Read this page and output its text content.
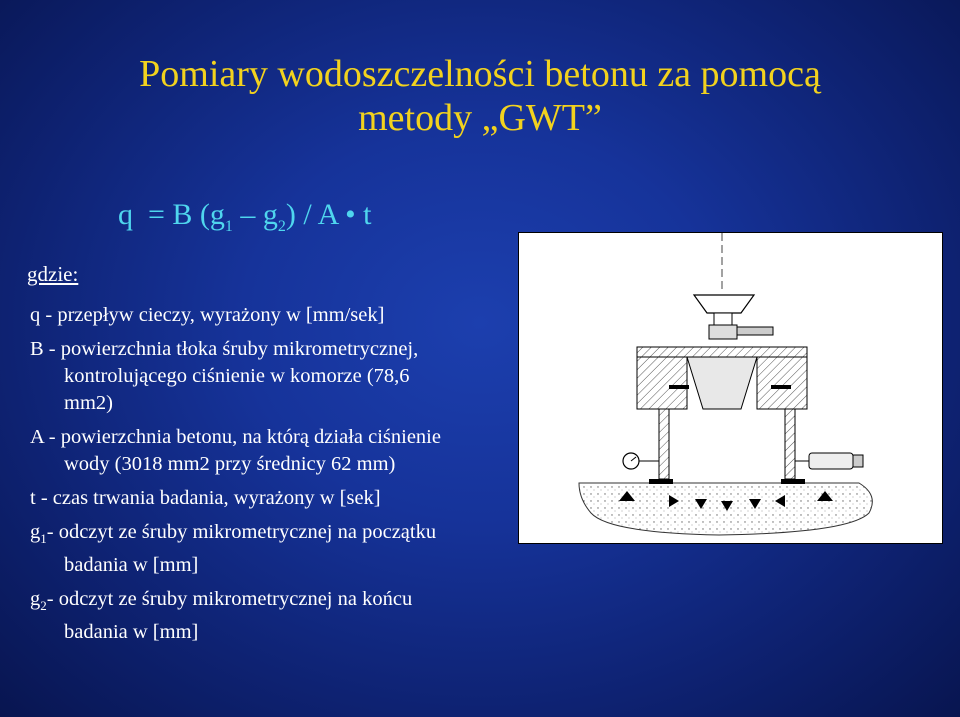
Pomiary wodoszczelności betonu za pomocą
metody „GWT”
q = B $(g_1 - g_2)$ / A • t
gdzie:
q - przepływ cieczy, wyrażony w [mm/sek]
B - powierzchnia tłoka śruby mikrometrycznej,
kontrolującego ciśnienie w komorze (78,6
mm2)
A - powierzchnia betonu, na którą działa ciśnienie
wody (3018 mm2 przy średnicy 62 mm)
t - czas trwania badania, wyrażony w [sek]
$g_1-$ odczyt ze śruby mikrometrycznej na początku
badania w [mm]
$g_2-$ odczyt ze śruby mikrometrycznej na końcu
badania w [mm]
